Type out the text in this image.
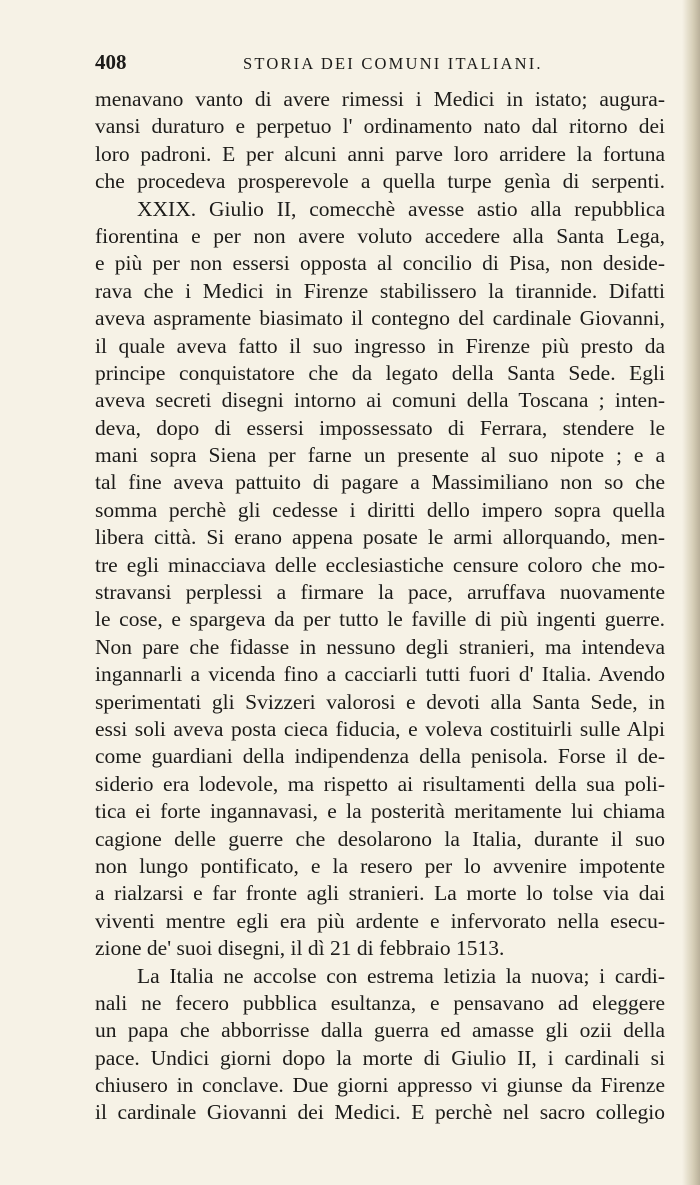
408	STORIA DEI COMUNI ITALIANI.
menavano vanto di avere rimessi i Medici in istato; augura-
vansi duraturo e perpetuo l' ordinamento nato dal ritorno dei
loro padroni. E per alcuni anni parve loro arridere la fortuna
che procedeva prosperevole a quella turpe genìa di serpenti.
XXIX. Giulio II, comecchè avesse astio alla repubblica
fiorentina e per non avere voluto accedere alla Santa Lega,
e più per non essersi opposta al concilio di Pisa, non deside-
rava che i Medici in Firenze stabilissero la tirannide. Difatti
aveva aspramente biasimato il contegno del cardinale Giovanni,
il quale aveva fatto il suo ingresso in Firenze più presto da
principe conquistatore che da legato della Santa Sede. Egli
aveva secreti disegni intorno ai comuni della Toscana ; inten-
deva, dopo di essersi impossessato di Ferrara, stendere le
mani sopra Siena per farne un presente al suo nipote ; e a
tal fine aveva pattuito di pagare a Massimiliano non so che
somma perchè gli cedesse i diritti dello impero sopra quella
libera città. Si erano appena posate le armi allorquando, men-
tre egli minacciava delle ecclesiastiche censure coloro che mo-
stravansi perplessi a firmare la pace, arruffava nuovamente
le cose, e spargeva da per tutto le faville di più ingenti guerre.
Non pare che fidasse in nessuno degli stranieri, ma intendeva
ingannarli a vicenda fino a cacciarli tutti fuori d' Italia. Avendo
sperimentati gli Svizzeri valorosi e devoti alla Santa Sede, in
essi soli aveva posta cieca fiducia, e voleva costituirli sulle Alpi
come guardiani della indipendenza della penisola. Forse il de-
siderio era lodevole, ma rispetto ai risultamenti della sua poli-
tica ei forte ingannavasi, e la posterità meritamente lui chiama
cagione delle guerre che desolarono la Italia, durante il suo
non lungo pontificato, e la resero per lo avvenire impotente
a rialzarsi e far fronte agli stranieri. La morte lo tolse via dai
viventi mentre egli era più ardente e infervorato nella esecu-
zione de' suoi disegni, il dì 21 di febbraio 1513.
La Italia ne accolse con estrema letizia la nuova; i cardi-
nali ne fecero pubblica esultanza, e pensavano ad eleggere
un papa che abborrisse dalla guerra ed amasse gli ozii della
pace. Undici giorni dopo la morte di Giulio II, i cardinali si
chiusero in conclave. Due giorni appresso vi giunse da Firenze
il cardinale Giovanni dei Medici. E perchè nel sacro collegio
